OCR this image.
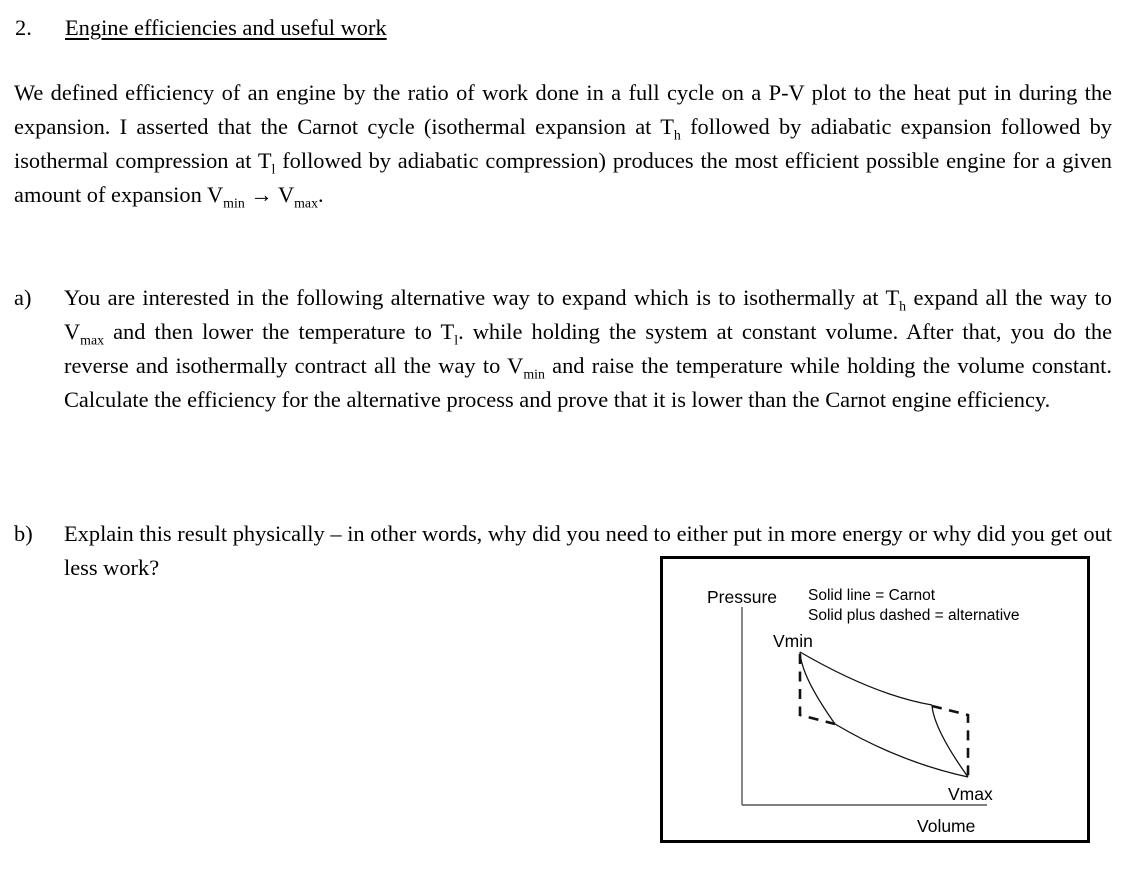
2. Engine efficiencies and useful work

We defined efficiency of an engine by the ratio of work done in a full cycle on a P-V plot to the heat put in during the expansion. I asserted that the Carnot cycle (isothermal expansion at $T_h$ followed by adiabatic expansion followed by isothermal compression at $T_l$ followed by adiabatic compression) produces the most efficient possible engine for a given amount of expansion $V_{min} \to V_{max}$.

a) You are interested in the following alternative way to expand which is to isothermally at $T_h$ expand all the way to $V_{max}$ and then lower the temperature to $T_l$. while holding the system at constant volume. After that, you do the reverse and isothermally contract all the way to $V_{min}$ and raise the temperature while holding the volume constant. Calculate the efficiency for the alternative process and prove that it is lower than the Carnot engine efficiency.
b) Explain this result physically – in other words, why did you need to either put in more energy or why did you get out less work?
Pressure Solid line = Carnot
Solid plus dashed = alternative
Vmin
Vmax
Volume
